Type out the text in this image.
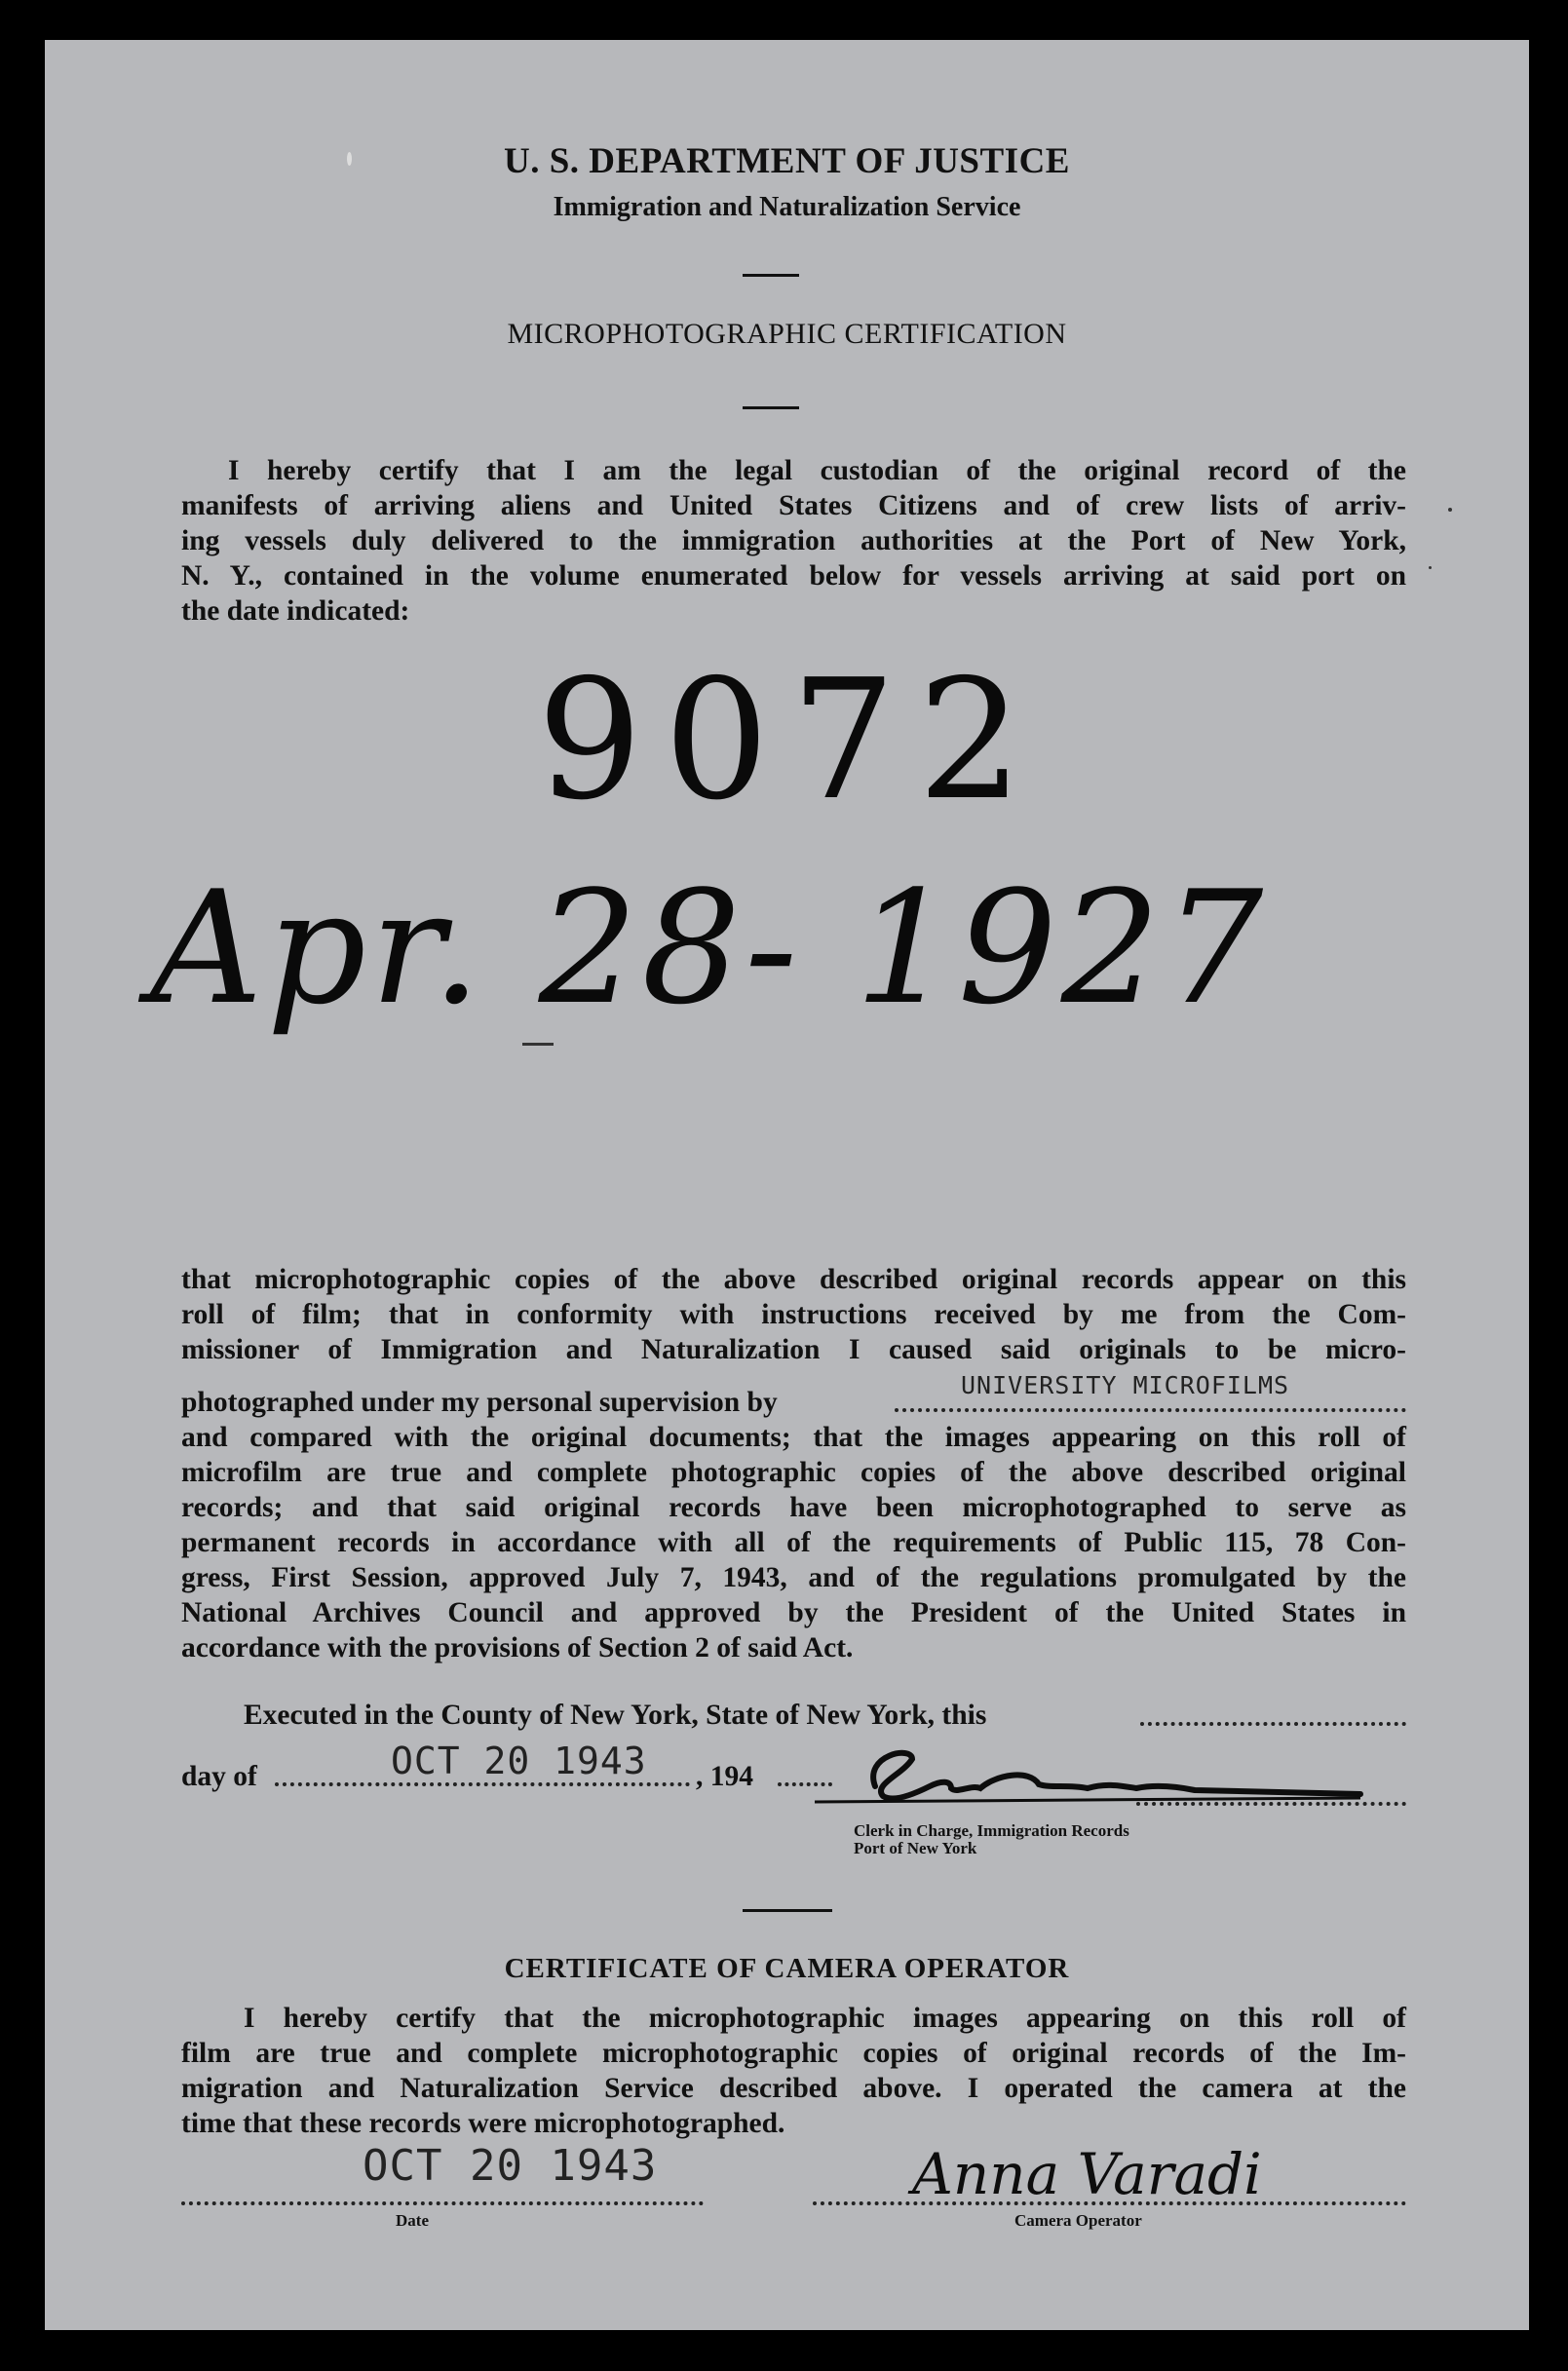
U. S. DEPARTMENT OF JUSTICE
Immigration and Naturalization Service
MICROPHOTOGRAPHIC CERTIFICATION

I hereby certify that I am the legal custodian of the original record of the

manifests of arriving aliens and United States Citizens and of crew lists of arriv-

ing vessels duly delivered to the immigration authorities at the Port of New York,

N. Y., contained in the volume enumerated below for vessels arriving at said port on

the date indicated:

9072
Apr. 28- 1927

that microphotographic copies of the above described original records appear on this

roll of film; that in conformity with instructions received by me from the Com-

missioner of Immigration and Naturalization I caused said originals to be micro-

photographed under my personal supervision by
UNIVERSITY MICROFILMS

and compared with the original documents; that the images appearing on this roll of

microfilm are true and complete photographic copies of the above described original

records; and that said original records have been microphotographed to serve as

permanent records in accordance with all of the requirements of Public 115, 78 Con-

gress, First Session, approved July 7, 1943, and of the regulations promulgated by the

National Archives Council and approved by the President of the United States in

accordance with the provisions of Section 2 of said Act.

Executed in the County of New York, State of New York, this
day of	OCT 20 1943 , 194
Clerk in Charge, Immigration Records
Port of New York
CERTIFICATE OF CAMERA OPERATOR

I hereby certify that the microphotographic images appearing on this roll of

film are true and complete microphotographic copies of original records of the Im-

migration and Naturalization Service described above. I operated the camera at the

time that these records were microphotographed.

OCT 20 1943
Date
Anna Varadi
Camera Operator
